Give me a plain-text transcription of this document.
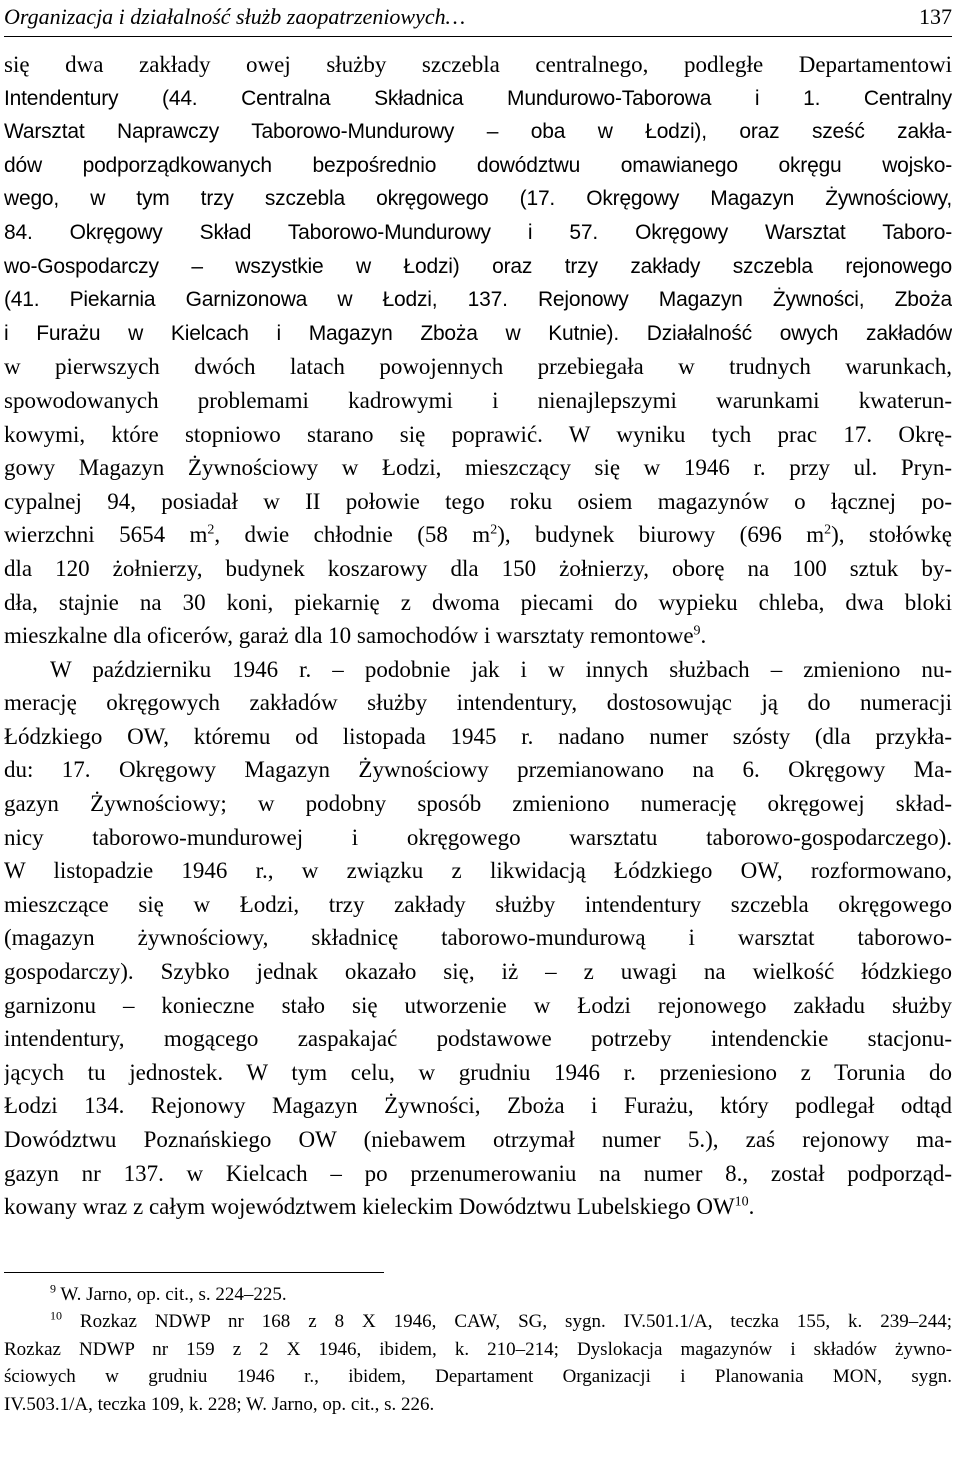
Organizacja i działalność służb zaopatrzeniowych…	137
się dwa zakłady owej służby szczebla centralnego, podległe Departamentowi
Intendentury (44. Centralna Składnica Mundurowo-Taborowa i 1. Centralny
Warsztat Naprawczy Taborowo-Mundurowy – oba w Łodzi), oraz sześć zakła-
dów podporządkowanych bezpośrednio dowództwu omawianego okręgu wojsko-
wego, w tym trzy szczebla okręgowego (17. Okręgowy Magazyn Żywnościowy,
84. Okręgowy Skład Taborowo-Mundurowy i 57. Okręgowy Warsztat Taboro-
wo-Gospodarczy – wszystkie w Łodzi) oraz trzy zakłady szczebla rejonowego
(41. Piekarnia Garnizonowa w Łodzi, 137. Rejonowy Magazyn Żywności, Zboża
i Furażu w Kielcach i Magazyn Zboża w Kutnie). Działalność owych zakładów
w pierwszych dwóch latach powojennych przebiegała w trudnych warunkach,
spowodowanych problemami kadrowymi i nienajlepszymi warunkami kwaterun-
kowymi, które stopniowo starano się poprawić. W wyniku tych prac 17. Okrę-
gowy Magazyn Żywnościowy w Łodzi, mieszczący się w 1946 r. przy ul. Pryn-
cypalnej 94, posiadał w II połowie tego roku osiem magazynów o łącznej po-
wierzchni 5654 $m^2$, dwie chłodnie (58 $m^2$), budynek biurowy (696 $m^2$), stołówkę
dla 120 żołnierzy, budynek koszarowy dla 150 żołnierzy, oborę na 100 sztuk by-
dła, stajnie na 30 koni, piekarnię z dwoma piecami do wypieku chleba, dwa bloki
mieszkalne dla oficerów, garaż dla 10 samochodów i warsztaty remontowe$^9$.
W październiku 1946 r. – podobnie jak i w innych służbach – zmieniono nu-
merację okręgowych zakładów służby intendentury, dostosowując ją do numeracji
Łódzkiego OW, któremu od listopada 1945 r. nadano numer szósty (dla przykła-
du: 17. Okręgowy Magazyn Żywnościowy przemianowano na 6. Okręgowy Ma-
gazyn Żywnościowy; w podobny sposób zmieniono numerację okręgowej skład-
nicy taborowo-mundurowej i okręgowego warsztatu taborowo-gospodarczego).
W listopadzie 1946 r., w związku z likwidacją Łódzkiego OW, rozformowano,
mieszczące się w Łodzi, trzy zakłady służby intendentury szczebla okręgowego
(magazyn żywnościowy, składnicę taborowo-mundurową i warsztat taborowo-
gospodarczy). Szybko jednak okazało się, iż – z uwagi na wielkość łódzkiego
garnizonu – konieczne stało się utworzenie w Łodzi rejonowego zakładu służby
intendentury, mogącego zaspakajać podstawowe potrzeby intendenckie stacjonu-
jących tu jednostek. W tym celu, w grudniu 1946 r. przeniesiono z Torunia do
Łodzi 134. Rejonowy Magazyn Żywności, Zboża i Furażu, który podlegał odtąd
Dowództwu Poznańskiego OW (niebawem otrzymał numer 5.), zaś rejonowy ma-
gazyn nr 137. w Kielcach – po przenumerowaniu na numer 8., został podporząd-
kowany wraz z całym województwem kieleckim Dowództwu Lubelskiego OW$^{10}$.
$^9$ W. Jarno, op. cit., s. 224–225.
$^{10}$ Rozkaz NDWP nr 168 z 8 X 1946, CAW, SG, sygn. IV.501.1/A, teczka 155, k. 239–244;
Rozkaz NDWP nr 159 z 2 X 1946, ibidem, k. 210–214; Dyslokacja magazynów i składów żywno-
ściowych w grudniu 1946 r., ibidem, Departament Organizacji i Planowania MON, sygn.
IV.503.1/A, teczka 109, k. 228; W. Jarno, op. cit., s. 226.
